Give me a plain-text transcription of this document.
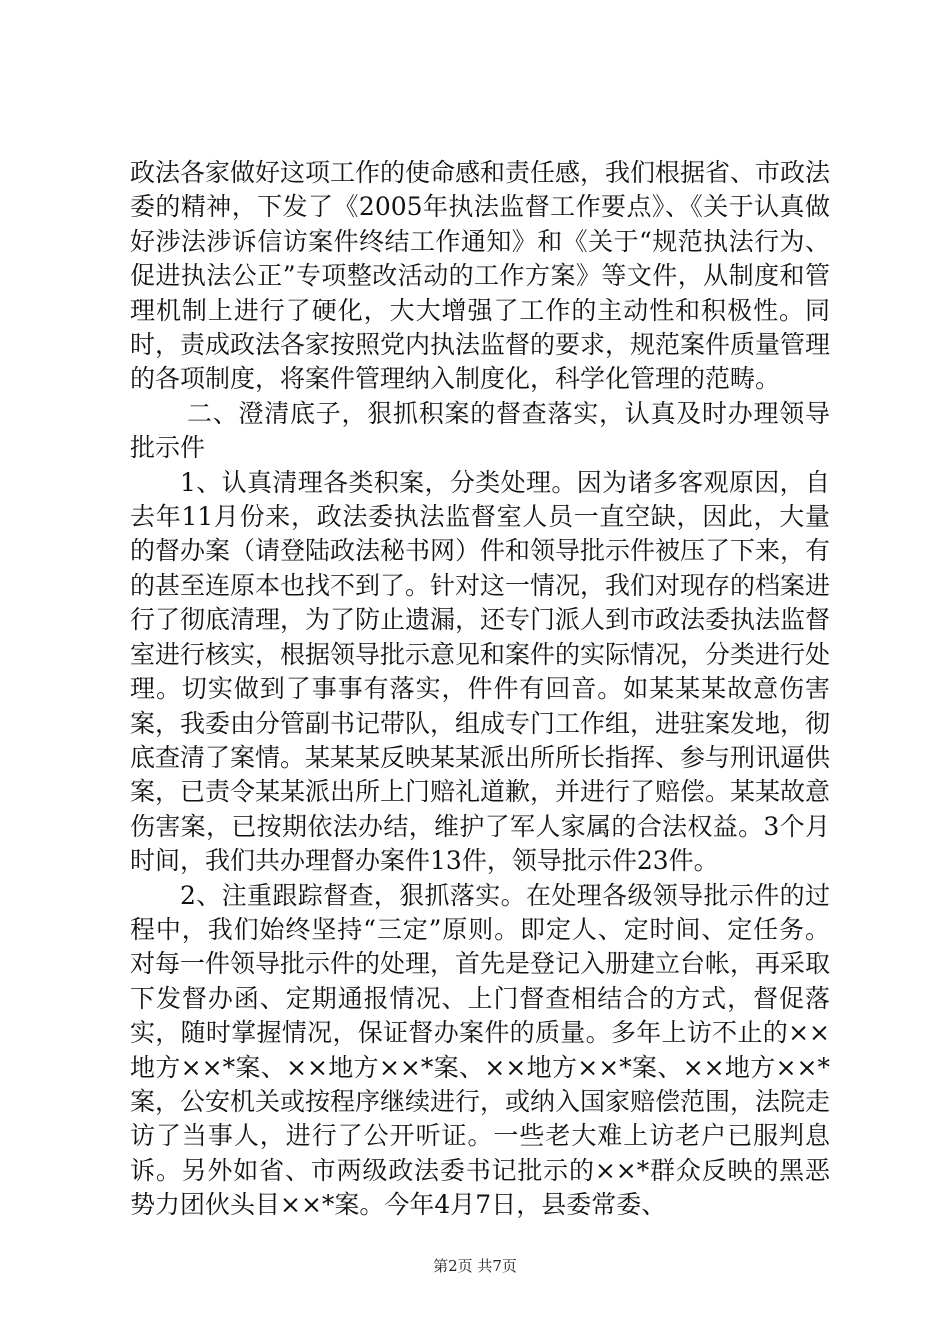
政法各家做好这项工作的使命感和责任感，我们根据省、市政法委的精神，下发了《2005年执法监督工作要点》、《关于认真做好涉法涉诉信访案件终结工作通知》和《关于“规范执法行为、促进执法公正”专项整改活动的工作方案》等文件，从制度和管理机制上进行了硬化，大大增强了工作的主动性和积极性。同时，责成政法各家按照党内执法监督的要求，规范案件质量管理的各项制度，将案件管理纳入制度化，科学化管理的范畴。

二、澄清底子，狠抓积案的督查落实，认真及时办理领导批示件

1、认真清理各类积案，分类处理。因为诸多客观原因，自去年11月份来，政法委执法监督室人员一直空缺，因此，大量的督办案（请登陆政法秘书网）件和领导批示件被压了下来，有的甚至连原本也找不到了。针对这一情况，我们对现存的档案进行了彻底清理，为了防止遗漏，还专门派人到市政法委执法监督室进行核实，根据领导批示意见和案件的实际情况，分类进行处理。切实做到了事事有落实，件件有回音。如某某某故意伤害案，我委由分管副书记带队，组成专门工作组，进驻案发地，彻底查清了案情。某某某反映某某派出所所长指挥、参与刑讯逼供案，已责令某某派出所上门赔礼道歉，并进行了赔偿。某某故意伤害案，已按期依法办结，维护了军人家属的合法权益。3个月时间，我们共办理督办案件13件，领导批示件23件。

2、注重跟踪督查，狠抓落实。在处理各级领导批示件的过程中，我们始终坚持“三定”原则。即定人、定时间、定任务。对每一件领导批示件的处理，首先是登记入册建立台帐，再采取下发督办函、定期通报情况、上门督查相结合的方式，督促落实，随时掌握情况，保证督办案件的质量。多年上访不止的××地方××*案、××地方××*案、××地方××*案、××地方××*案，公安机关或按程序继续进行，或纳入国家赔偿范围，法院走访了当事人，进行了公开听证。一些老大难上访老户已服判息诉。另外如省、市两级政法委书记批示的××*群众反映的黑恶势力团伙头目××*案。今年4月7日，县委常委、

第2页 共7页
